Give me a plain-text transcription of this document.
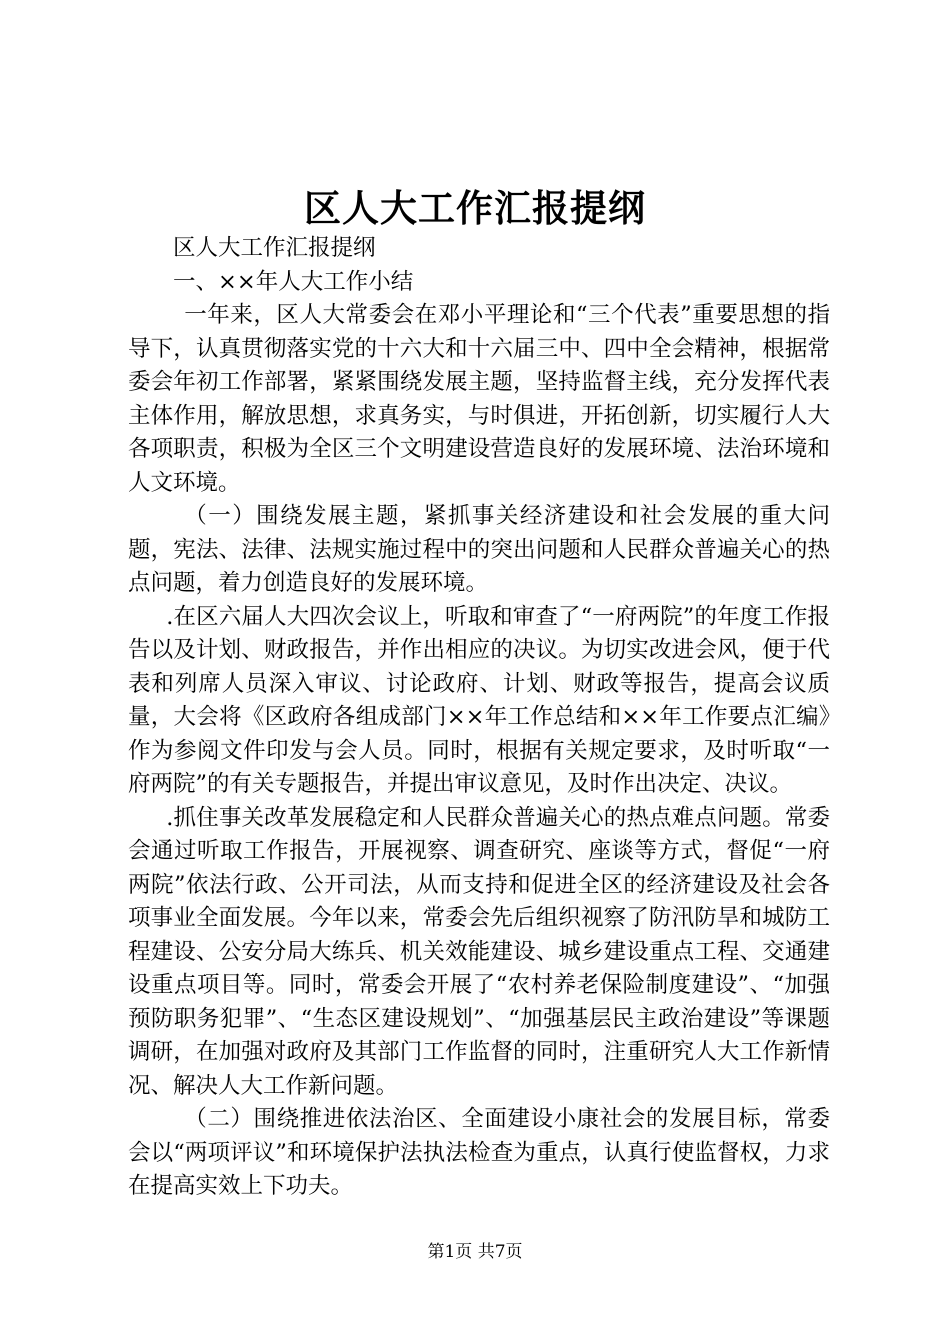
区人大工作汇报提纲

区人大工作汇报提纲

一、××年人大工作小结

一年来，区人大常委会在邓小平理论和“三个代表”重要思想的指导下，认真贯彻落实党的十六大和十六届三中、四中全会精神，根据常委会年初工作部署，紧紧围绕发展主题，坚持监督主线，充分发挥代表主体作用，解放思想，求真务实，与时俱进，开拓创新，切实履行人大各项职责，积极为全区三个文明建设营造良好的发展环境、法治环境和人文环境。

（一）围绕发展主题，紧抓事关经济建设和社会发展的重大问题，宪法、法律、法规实施过程中的突出问题和人民群众普遍关心的热点问题，着力创造良好的发展环境。

.在区六届人大四次会议上，听取和审查了“一府两院”的年度工作报告以及计划、财政报告，并作出相应的决议。为切实改进会风，便于代表和列席人员深入审议、讨论政府、计划、财政等报告，提高会议质量，大会将《区政府各组成部门××年工作总结和××年工作要点汇编》作为参阅文件印发与会人员。同时，根据有关规定要求，及时听取“一府两院”的有关专题报告，并提出审议意见，及时作出决定、决议。

.抓住事关改革发展稳定和人民群众普遍关心的热点难点问题。常委会通过听取工作报告，开展视察、调查研究、座谈等方式，督促“一府两院”依法行政、公开司法，从而支持和促进全区的经济建设及社会各项事业全面发展。今年以来，常委会先后组织视察了防汛防旱和城防工程建设、公安分局大练兵、机关效能建设、城乡建设重点工程、交通建设重点项目等。同时，常委会开展了“农村养老保险制度建设”、“加强预防职务犯罪”、“生态区建设规划”、“加强基层民主政治建设”等课题调研，在加强对政府及其部门工作监督的同时，注重研究人大工作新情况、解决人大工作新问题。

（二）围绕推进依法治区、全面建设小康社会的发展目标，常委会以“两项评议”和环境保护法执法检查为重点，认真行使监督权，力求在提高实效上下功夫。

第1页 共7页
